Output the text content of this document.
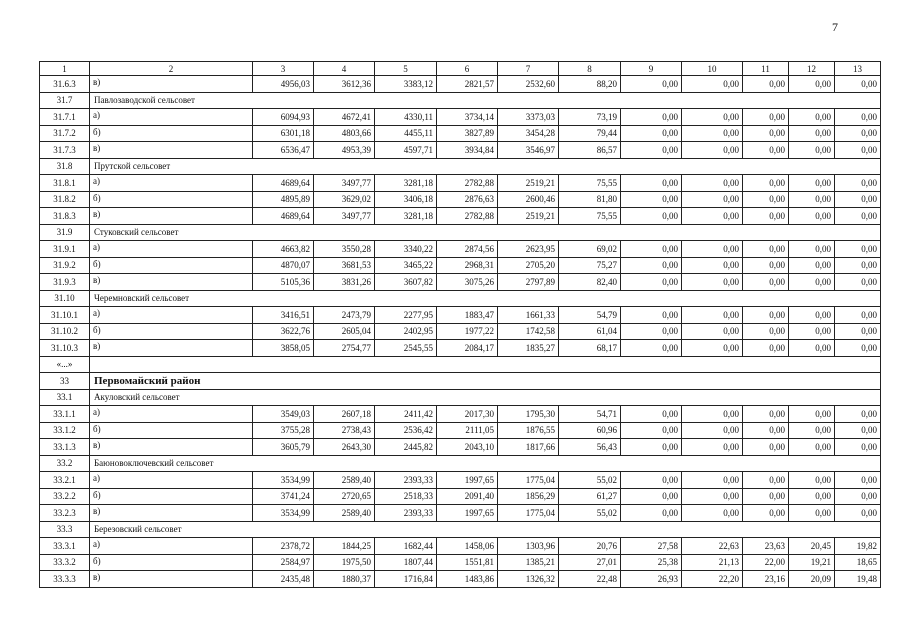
7
1	2	3	4	5	6	7	8	9	10	11	12	13
31.6.3	в)	4956,03	3612,36	3383,12	2821,57	2532,60	88,20	0,00	0,00	0,00	0,00	0,00
31.7	Павлозаводской сельсовет											
31.7.1	а)	6094,93	4672,41	4330,11	3734,14	3373,03	73,19	0,00	0,00	0,00	0,00	0,00
31.7.2	б)	6301,18	4803,66	4455,11	3827,89	3454,28	79,44	0,00	0,00	0,00	0,00	0,00
31.7.3	в)	6536,47	4953,39	4597,71	3934,84	3546,97	86,57	0,00	0,00	0,00	0,00	0,00
31.8	Прутской сельсовет											
31.8.1	а)	4689,64	3497,77	3281,18	2782,88	2519,21	75,55	0,00	0,00	0,00	0,00	0,00
31.8.2	б)	4895,89	3629,02	3406,18	2876,63	2600,46	81,80	0,00	0,00	0,00	0,00	0,00
31.8.3	в)	4689,64	3497,77	3281,18	2782,88	2519,21	75,55	0,00	0,00	0,00	0,00	0,00
31.9	Стуковский сельсовет											
31.9.1	а)	4663,82	3550,28	3340,22	2874,56	2623,95	69,02	0,00	0,00	0,00	0,00	0,00
31.9.2	б)	4870,07	3681,53	3465,22	2968,31	2705,20	75,27	0,00	0,00	0,00	0,00	0,00
31.9.3	в)	5105,36	3831,26	3607,82	3075,26	2797,89	82,40	0,00	0,00	0,00	0,00	0,00
31.10	Черемновский сельсовет											
31.10.1	а)	3416,51	2473,79	2277,95	1883,47	1661,33	54,79	0,00	0,00	0,00	0,00	0,00
31.10.2	б)	3622,76	2605,04	2402,95	1977,22	1742,58	61,04	0,00	0,00	0,00	0,00	0,00
31.10.3	в)	3858,05	2754,77	2545,55	2084,17	1835,27	68,17	0,00	0,00	0,00	0,00	0,00
«...»												
33	Первомайский район											
33.1	Акуловский сельсовет											
33.1.1	а)	3549,03	2607,18	2411,42	2017,30	1795,30	54,71	0,00	0,00	0,00	0,00	0,00
33.1.2	б)	3755,28	2738,43	2536,42	2111,05	1876,55	60,96	0,00	0,00	0,00	0,00	0,00
33.1.3	в)	3605,79	2643,30	2445,82	2043,10	1817,66	56,43	0,00	0,00	0,00	0,00	0,00
33.2	Баюновоключевский сельсовет											
33.2.1	а)	3534,99	2589,40	2393,33	1997,65	1775,04	55,02	0,00	0,00	0,00	0,00	0,00
33.2.2	б)	3741,24	2720,65	2518,33	2091,40	1856,29	61,27	0,00	0,00	0,00	0,00	0,00
33.2.3	в)	3534,99	2589,40	2393,33	1997,65	1775,04	55,02	0,00	0,00	0,00	0,00	0,00
33.3	Березовский сельсовет											
33.3.1	а)	2378,72	1844,25	1682,44	1458,06	1303,96	20,76	27,58	22,63	23,63	20,45	19,82
33.3.2	б)	2584,97	1975,50	1807,44	1551,81	1385,21	27,01	25,38	21,13	22,00	19,21	18,65
33.3.3	в)	2435,48	1880,37	1716,84	1483,86	1326,32	22,48	26,93	22,20	23,16	20,09	19,48
